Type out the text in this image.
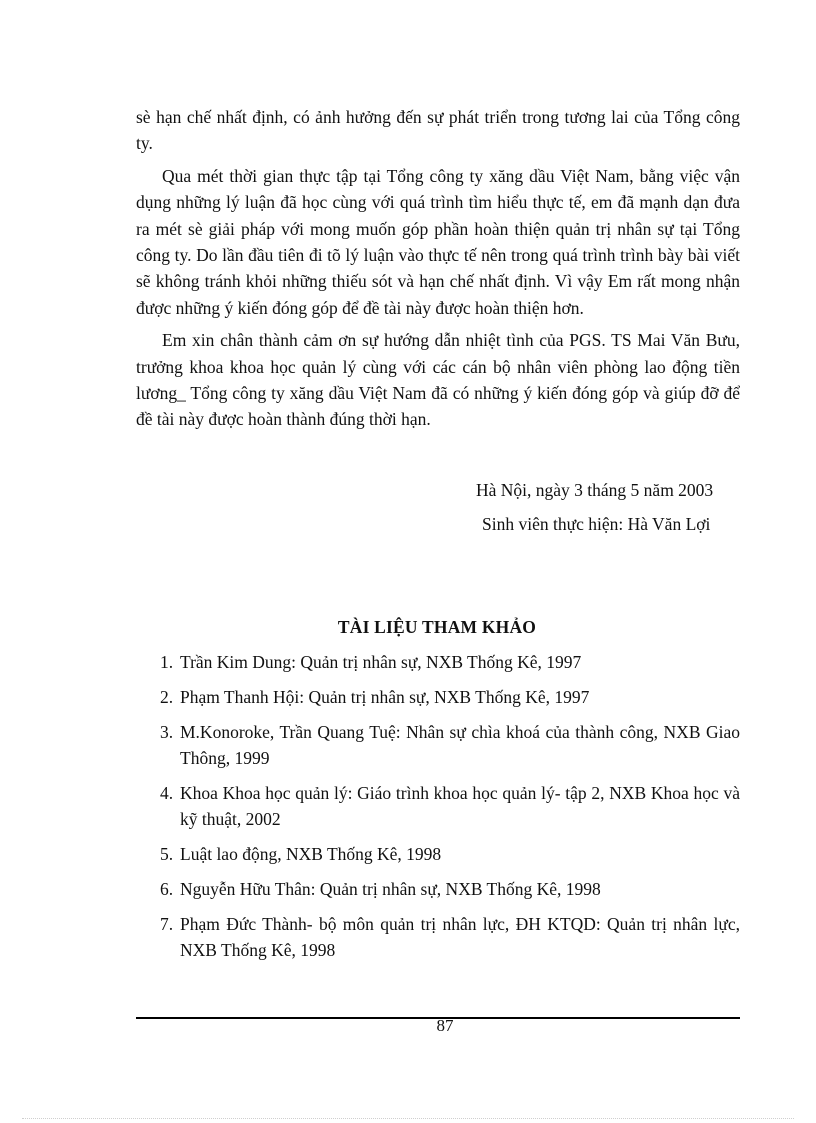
sè hạn chế nhất định, có ảnh hưởng đến sự phát triển trong tương lai của Tổng công ty.

Qua mét thời gian thực tập tại Tổng công ty xăng dầu Việt Nam, bằng việc vận dụng những lý luận đã học cùng với quá trình tìm hiểu thực tế, em đã mạnh dạn đưa ra mét sè giải pháp với mong muốn góp phần hoàn thiện quản trị nhân sự tại Tổng công ty. Do lần đầu tiên đi tõ lý luận vào thực tế nên trong quá trình trình bày bài viết sẽ không tránh khỏi những thiếu sót và hạn chế nhất định. Vì vậy Em rất mong nhận được những ý kiến đóng góp để đề tài này được hoàn thiện hơn.

Em xin chân thành cảm ơn sự hướng dẫn nhiệt tình của PGS. TS Mai Văn Bưu, trưởng khoa khoa học quản lý cùng với các cán bộ nhân viên phòng lao động tiền lương_ Tổng công ty xăng dầu Việt Nam đã có những ý kiến đóng góp và giúp đỡ để đề tài này được hoàn thành đúng thời hạn.

Hà Nội, ngày 3 tháng 5 năm 2003
Sinh viên thực hiện: Hà Văn Lợi
TÀI LIỆU THAM KHẢO
1. Trần Kim Dung: Quản trị nhân sự, NXB Thống Kê, 1997
2. Phạm Thanh Hội: Quản trị nhân sự, NXB Thống Kê, 1997
3. M.Konoroke, Trần Quang Tuệ: Nhân sự chìa khoá của thành công, NXB Giao Thông, 1999
4. Khoa Khoa học quản lý: Giáo trình khoa học quản lý- tập 2, NXB Khoa học và kỹ thuật, 2002
5. Luật lao động, NXB Thống Kê, 1998
6. Nguyễn Hữu Thân: Quản trị nhân sự, NXB Thống Kê, 1998
7. Phạm Đức Thành- bộ môn quản trị nhân lực, ĐH KTQD: Quản trị nhân lực, NXB Thống Kê, 1998
87
